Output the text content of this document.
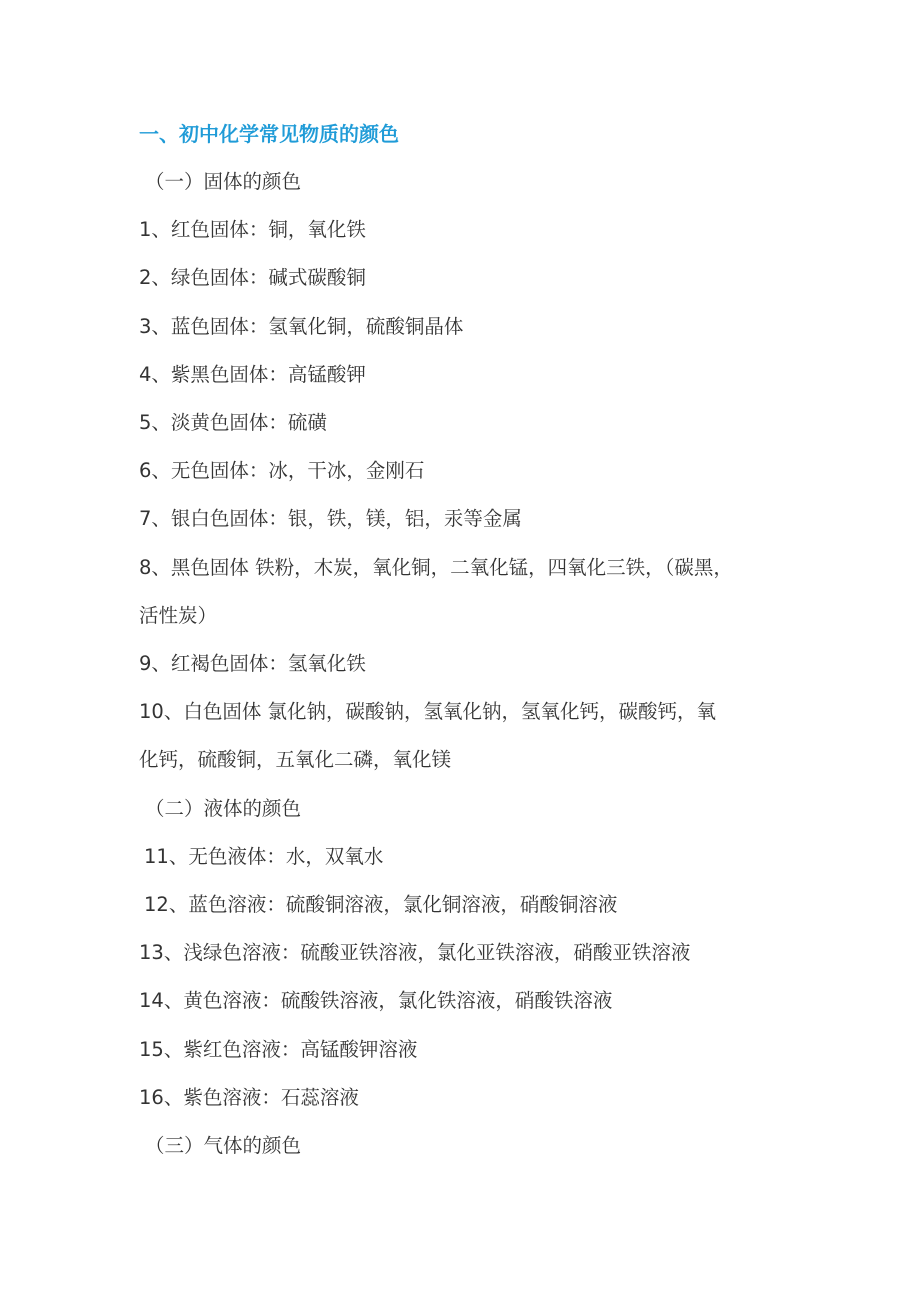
一、初中化学常见物质的颜色
（一）固体的颜色
1、红色固体：铜，氧化铁
2、绿色固体：碱式碳酸铜
3、蓝色固体：氢氧化铜，硫酸铜晶体
4、紫黑色固体：高锰酸钾
5、淡黄色固体：硫磺
6、无色固体：冰，干冰，金刚石
7、银白色固体：银，铁，镁，铝，汞等金属
8、黑色固体 铁粉，木炭，氧化铜，二氧化锰，四氧化三铁，（碳黑，
活性炭）
9、红褐色固体：氢氧化铁
10、白色固体 氯化钠，碳酸钠，氢氧化钠，氢氧化钙，碳酸钙，氧
化钙，硫酸铜，五氧化二磷，氧化镁
（二）液体的颜色
11、无色液体：水，双氧水
12、蓝色溶液：硫酸铜溶液，氯化铜溶液，硝酸铜溶液
13、浅绿色溶液：硫酸亚铁溶液，氯化亚铁溶液，硝酸亚铁溶液
14、黄色溶液：硫酸铁溶液，氯化铁溶液，硝酸铁溶液
15、紫红色溶液：高锰酸钾溶液
16、紫色溶液：石蕊溶液
（三）气体的颜色
